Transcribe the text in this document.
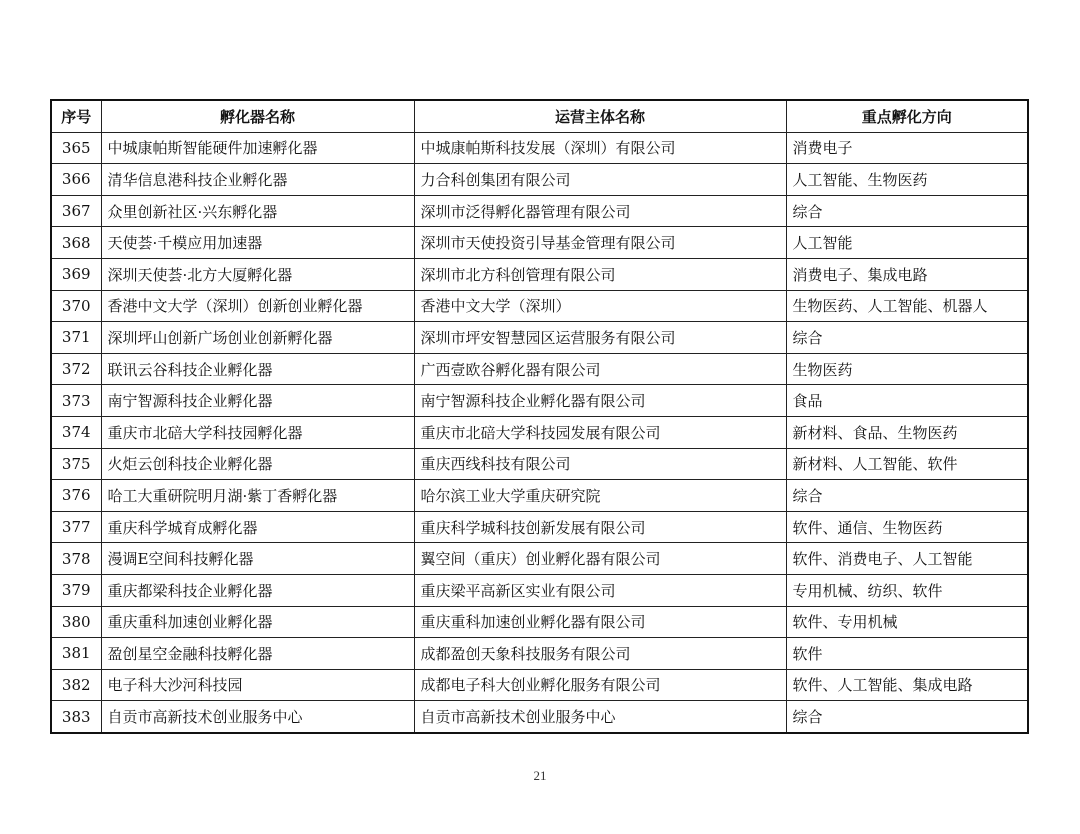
序号	孵化器名称	运营主体名称	重点孵化方向
365	中城康帕斯智能硬件加速孵化器	中城康帕斯科技发展（深圳）有限公司	消费电子
366	清华信息港科技企业孵化器	力合科创集团有限公司	人工智能、生物医药
367	众里创新社区·兴东孵化器	深圳市泛得孵化器管理有限公司	综合
368	天使荟·千模应用加速器	深圳市天使投资引导基金管理有限公司	人工智能
369	深圳天使荟·北方大厦孵化器	深圳市北方科创管理有限公司	消费电子、集成电路
370	香港中文大学（深圳）创新创业孵化器	香港中文大学（深圳）	生物医药、人工智能、机器人
371	深圳坪山创新广场创业创新孵化器	深圳市坪安智慧园区运营服务有限公司	综合
372	联讯云谷科技企业孵化器	广西壹欧谷孵化器有限公司	生物医药
373	南宁智源科技企业孵化器	南宁智源科技企业孵化器有限公司	食品
374	重庆市北碚大学科技园孵化器	重庆市北碚大学科技园发展有限公司	新材料、食品、生物医药
375	火炬云创科技企业孵化器	重庆西线科技有限公司	新材料、人工智能、软件
376	哈工大重研院明月湖·紫丁香孵化器	哈尔滨工业大学重庆研究院	综合
377	重庆科学城育成孵化器	重庆科学城科技创新发展有限公司	软件、通信、生物医药
378	漫调E空间科技孵化器	翼空间（重庆）创业孵化器有限公司	软件、消费电子、人工智能
379	重庆都梁科技企业孵化器	重庆梁平高新区实业有限公司	专用机械、纺织、软件
380	重庆重科加速创业孵化器	重庆重科加速创业孵化器有限公司	软件、专用机械
381	盈创星空金融科技孵化器	成都盈创天象科技服务有限公司	软件
382	电子科大沙河科技园	成都电子科大创业孵化服务有限公司	软件、人工智能、集成电路
383	自贡市高新技术创业服务中心	自贡市高新技术创业服务中心	综合
21
